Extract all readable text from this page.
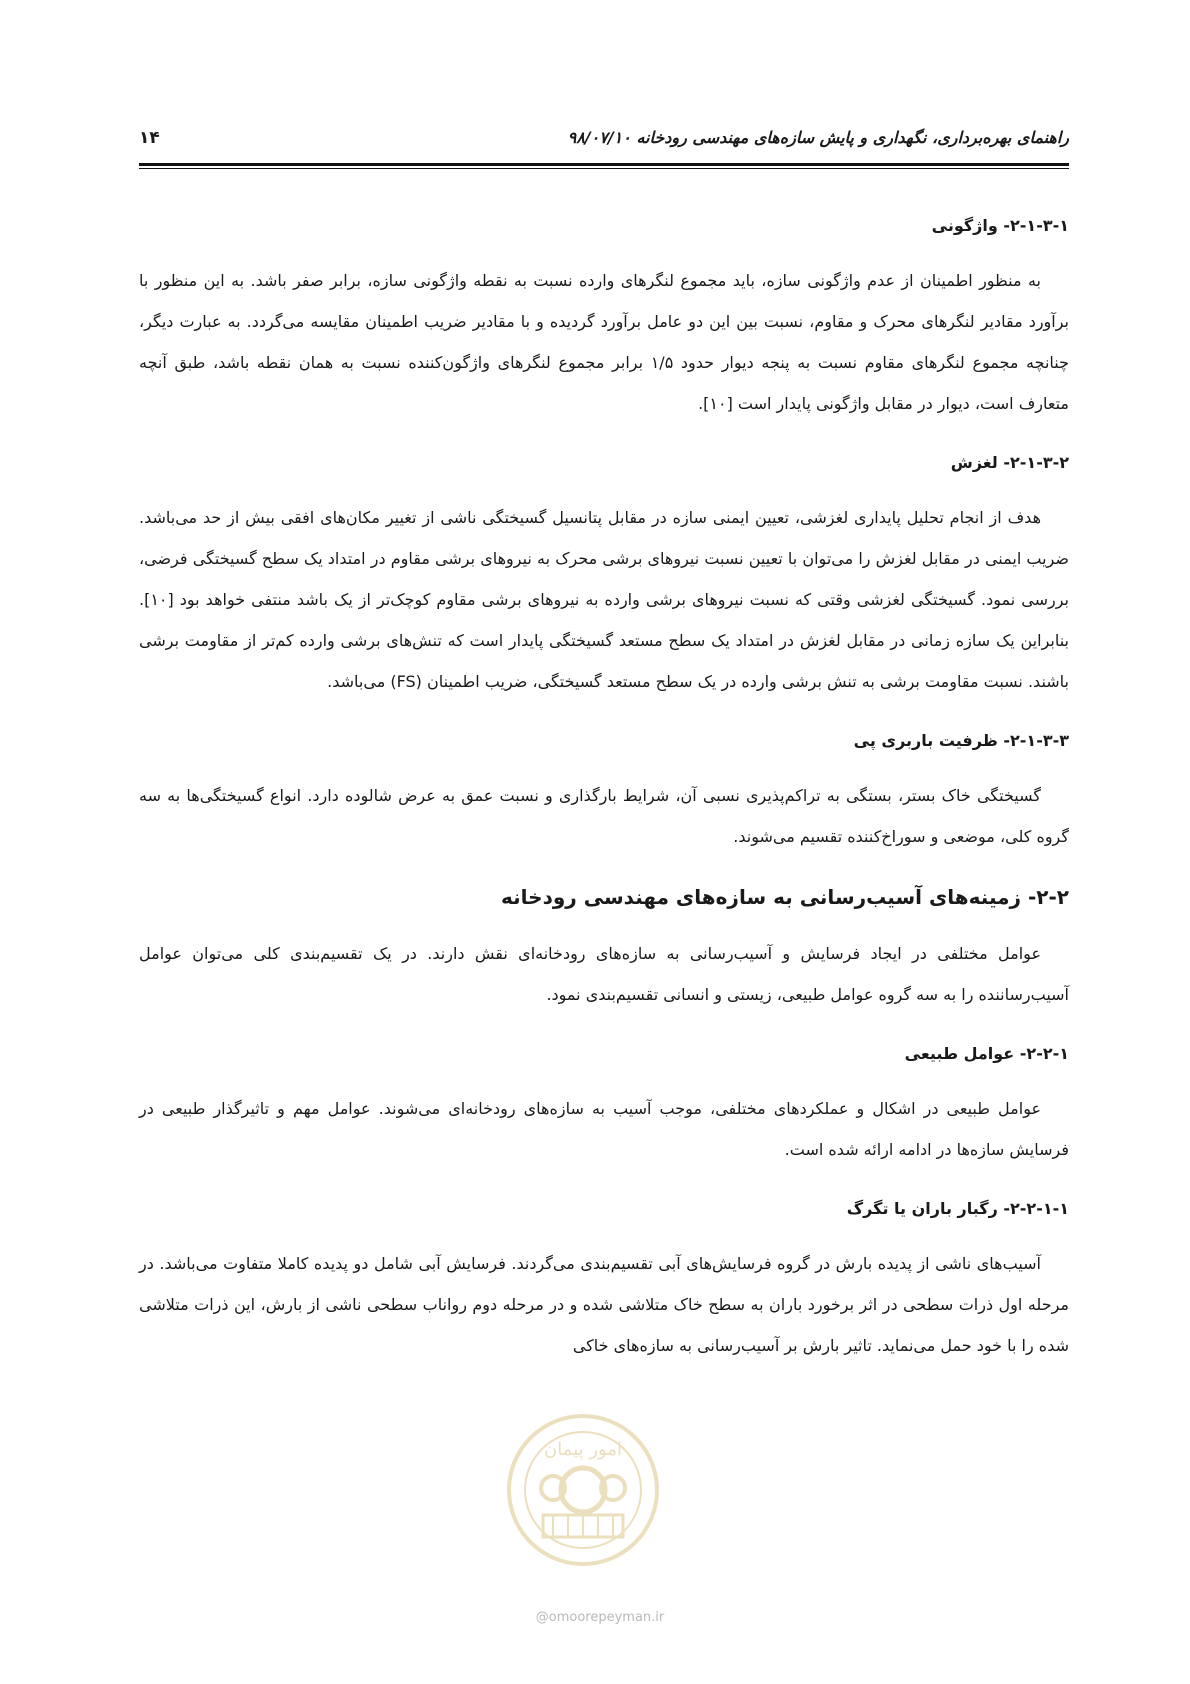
راهنمای بهره‌برداری، نگهداری و پایش سازه‌های مهندسی رودخانه ۹۸/۰۷/۱۰
۱۴
۲-۱-۳-۱- واژگونی

به منظور اطمینان از عدم واژگونی سازه، باید مجموع لنگرهای وارده نسبت به نقطه واژگونی سازه، برابر صفر باشد. به این منظور با برآورد مقادیر لنگرهای محرک و مقاوم، نسبت بین این دو عامل برآورد گردیده و با مقادیر ضریب اطمینان مقایسه می‌گردد. به عبارت دیگر، چنانچه مجموع لنگرهای مقاوم نسبت به پنجه دیوار حدود ۱/۵ برابر مجموع لنگرهای واژگون‌کننده نسبت به همان نقطه باشد، طبق آنچه متعارف است، دیوار در مقابل واژگونی پایدار است [۱۰].

۲-۱-۳-۲- لغزش

هدف از انجام تحلیل پایداری لغزشی، تعیین ایمنی سازه در مقابل پتانسیل گسیختگی ناشی از تغییر مکان‌های افقی بیش از حد می‌باشد. ضریب ایمنی در مقابل لغزش را می‌توان با تعیین نسبت نیروهای برشی محرک به نیروهای برشی مقاوم در امتداد یک سطح گسیختگی فرضی، بررسی نمود. گسیختگی لغزشی وقتی که نسبت نیروهای برشی وارده به نیروهای برشی مقاوم کوچک‌تر از یک باشد منتفی خواهد بود [۱۰]. بنابراین یک سازه زمانی در مقابل لغزش در امتداد یک سطح مستعد گسیختگی پایدار است که تنش‌های برشی وارده کم‌تر از مقاومت برشی باشند. نسبت مقاومت برشی به تنش برشی وارده در یک سطح مستعد گسیختگی، ضریب اطمینان (FS) می‌باشد.

۲-۱-۳-۳- ظرفیت باربری پی

گسیختگی خاک بستر، بستگی به تراکم‌پذیری نسبی آن، شرایط بارگذاری و نسبت عمق به عرض شالوده دارد. انواع گسیختگی‌ها به سه گروه کلی، موضعی و سوراخ‌کننده تقسیم می‌شوند.

۲-۲- زمینه‌های آسیب‌رسانی به سازه‌های مهندسی رودخانه

عوامل مختلفی در ایجاد فرسایش و آسیب‌رسانی به سازه‌های رودخانه‌ای نقش دارند. در یک تقسیم‌بندی کلی می‌توان عوامل آسیب‌رساننده را به سه گروه عوامل طبیعی، زیستی و انسانی تقسیم‌بندی نمود.

۲-۲-۱- عوامل طبیعی

عوامل طبیعی در اشکال و عملکردهای مختلفی، موجب آسیب به سازه‌های رودخانه‌ای می‌شوند. عوامل مهم و تاثیرگذار طبیعی در فرسایش سازه‌ها در ادامه ارائه شده است.

۲-۲-۱-۱- رگبار باران یا تگرگ

آسیب‌های ناشی از پدیده بارش در گروه فرسایش‌های آبی تقسیم‌بندی می‌گردند. فرسایش آبی شامل دو پدیده کاملا متفاوت می‌باشد. در مرحله اول ذرات سطحی در اثر برخورد باران به سطح خاک متلاشی شده و در مرحله دوم رواناب سطحی ناشی از بارش، این ذرات متلاشی شده را با خود حمل می‌نماید. تاثیر بارش بر آسیب‌رسانی به سازه‌های خاکی

امور پیمان
@omoorepeyman.ir
